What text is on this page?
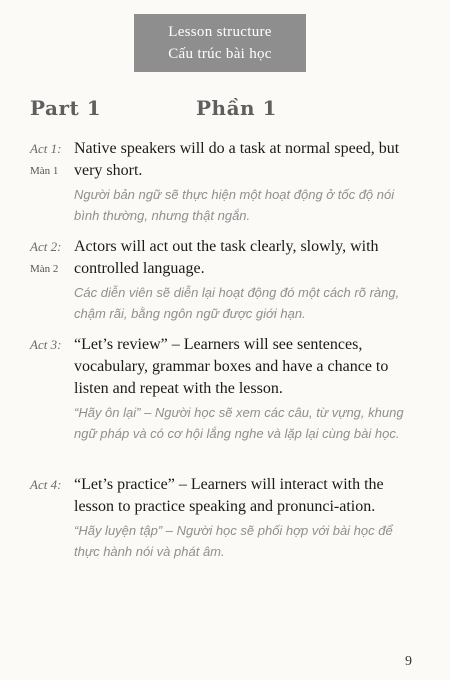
Lesson structure
Cấu trúc bài học
Part 1	Phần 1
Act 1:
Màn 1
Native speakers will do a task at normal speed, but very short.
Người bản ngữ sẽ thực hiện một hoạt động ở tốc độ nói bình thường, nhưng thật ngắn.
Act 2:
Màn 2
Actors will act out the task clearly, slowly, with controlled language.
Các diễn viên sẽ diễn lại hoạt động đó một cách rõ ràng, chậm rãi, bằng ngôn ngữ được giới hạn.
Act 3: “Let’s review” – Learners will see sentences, vocabulary, grammar boxes and have a chance to listen and repeat with the lesson.
“Hãy ôn lại” – Người học sẽ xem các câu, từ vựng, khung ngữ pháp và có cơ hội lắng nghe và lặp lại cùng bài học.
Act 4: “Let’s practice” – Learners will interact with the lesson to practice speaking and pronunci-ation.
“Hãy luyện tập” – Người học sẽ phối hợp với bài học để thực hành nói và phát âm.
9
